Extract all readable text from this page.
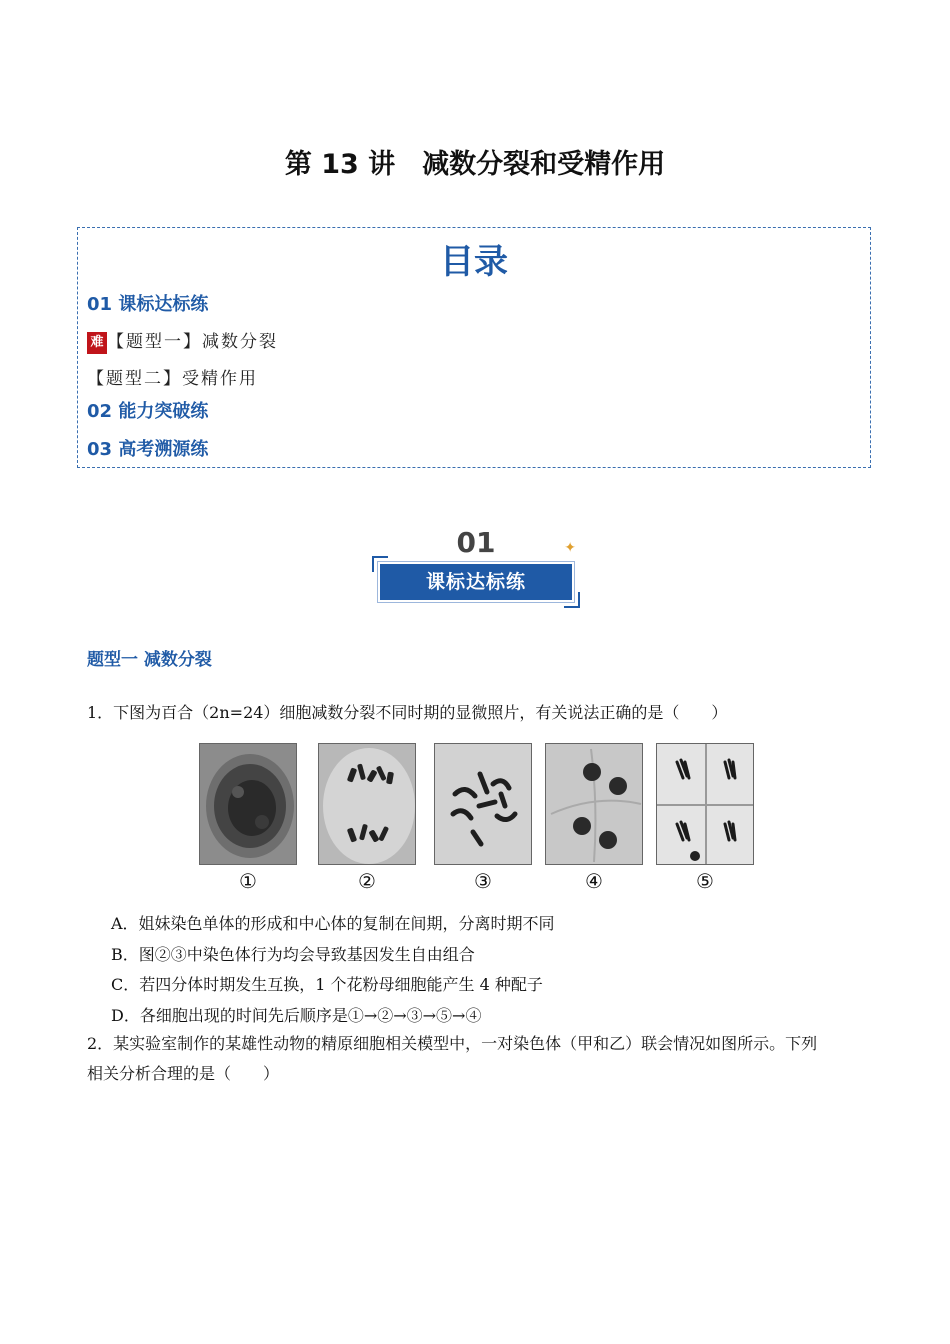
第 13 讲　减数分裂和受精作用
目录
01 课标达标练
难 【题型一】减数分裂
【题型二】受精作用
02 能力突破练
03 高考溯源练
01	✦
课标达标练
题型一 减数分裂
1．下图为百合（2n=24）细胞减数分裂不同时期的显微照片，有关说法正确的是（　　）
①	②	③	④	⑤
A．姐妹染色单体的形成和中心体的复制在间期，分离时期不同
B．图②③中染色体行为均会导致基因发生自由组合
C．若四分体时期发生互换，1 个花粉母细胞能产生 4 种配子
D．各细胞出现的时间先后顺序是①→②→③→⑤→④
2．某实验室制作的某雄性动物的精原细胞相关模型中，一对染色体（甲和乙）联会情况如图所示。下列
相关分析合理的是（　　）
